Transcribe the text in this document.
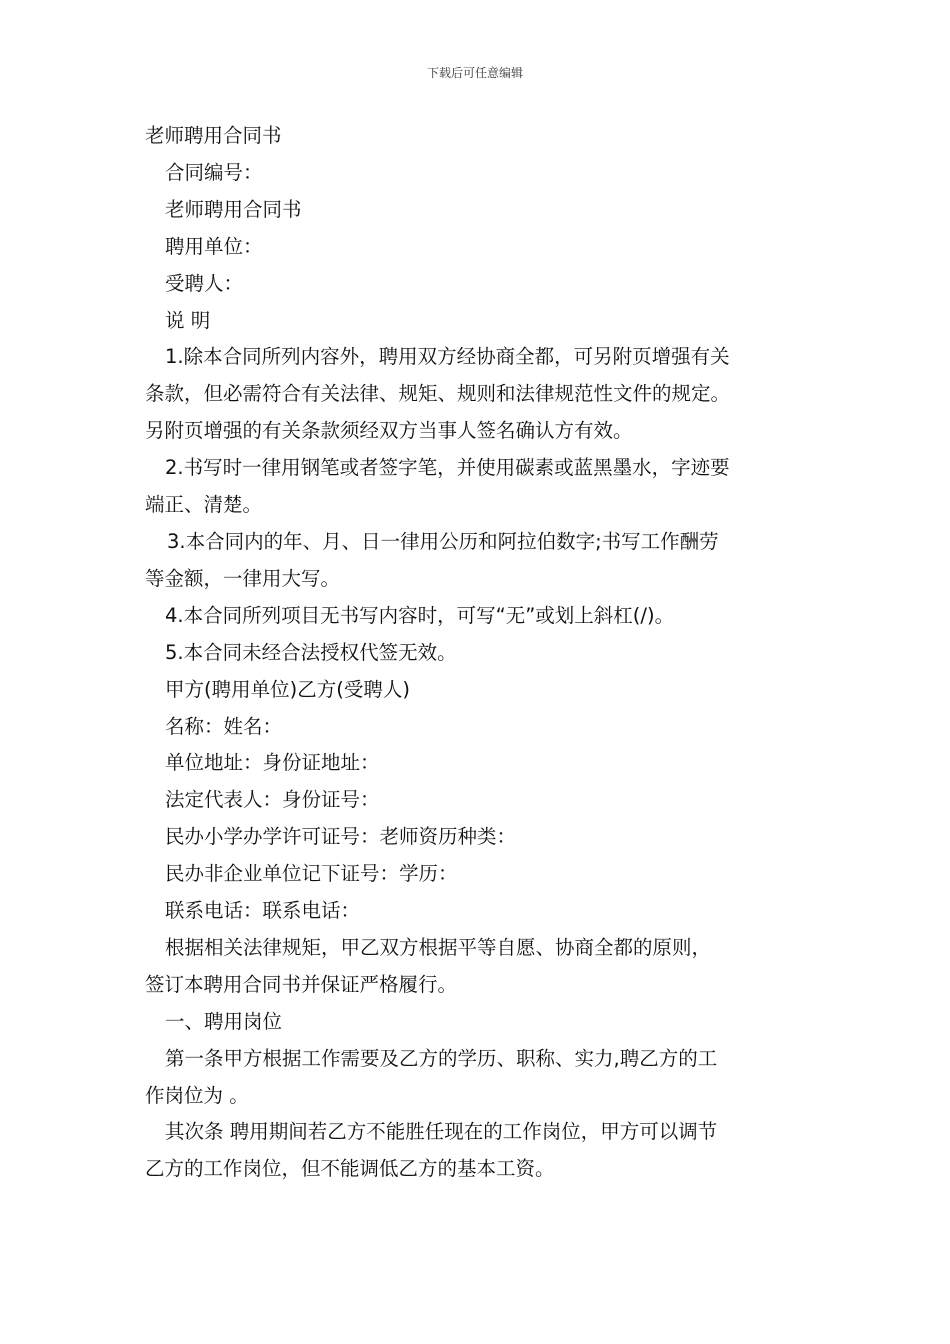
下载后可任意编辑

老师聘用合同书

合同编号：

老师聘用合同书

聘用单位：

受聘人：

说 明

1.除本合同所列内容外，聘用双方经协商全都，可另附页增强有关

条款，但必需符合有关法律、规矩、规则和法律规范性文件的规定。

另附页增强的有关条款须经双方当事人签名确认方有效。

2.书写时一律用钢笔或者签字笔，并使用碳素或蓝黑墨水，字迹要

端正、清楚。

3.本合同内的年、月、日一律用公历和阿拉伯数字;书写工作酬劳

等金额，一律用大写。

4.本合同所列项目无书写内容时，可写“无”或划上斜杠(/)。

5.本合同未经合法授权代签无效。

甲方(聘用单位)乙方(受聘人)

名称：姓名：

单位地址：身份证地址：

法定代表人：身份证号：

民办小学办学许可证号：老师资历种类：

民办非企业单位记下证号：学历：

联系电话：联系电话：

根据相关法律规矩，甲乙双方根据平等自愿、协商全都的原则，

签订本聘用合同书并保证严格履行。

一、聘用岗位

第一条甲方根据工作需要及乙方的学历、职称、实力,聘乙方的工

作岗位为 。

其次条 聘用期间若乙方不能胜任现在的工作岗位，甲方可以调节

乙方的工作岗位，但不能调低乙方的基本工资。
